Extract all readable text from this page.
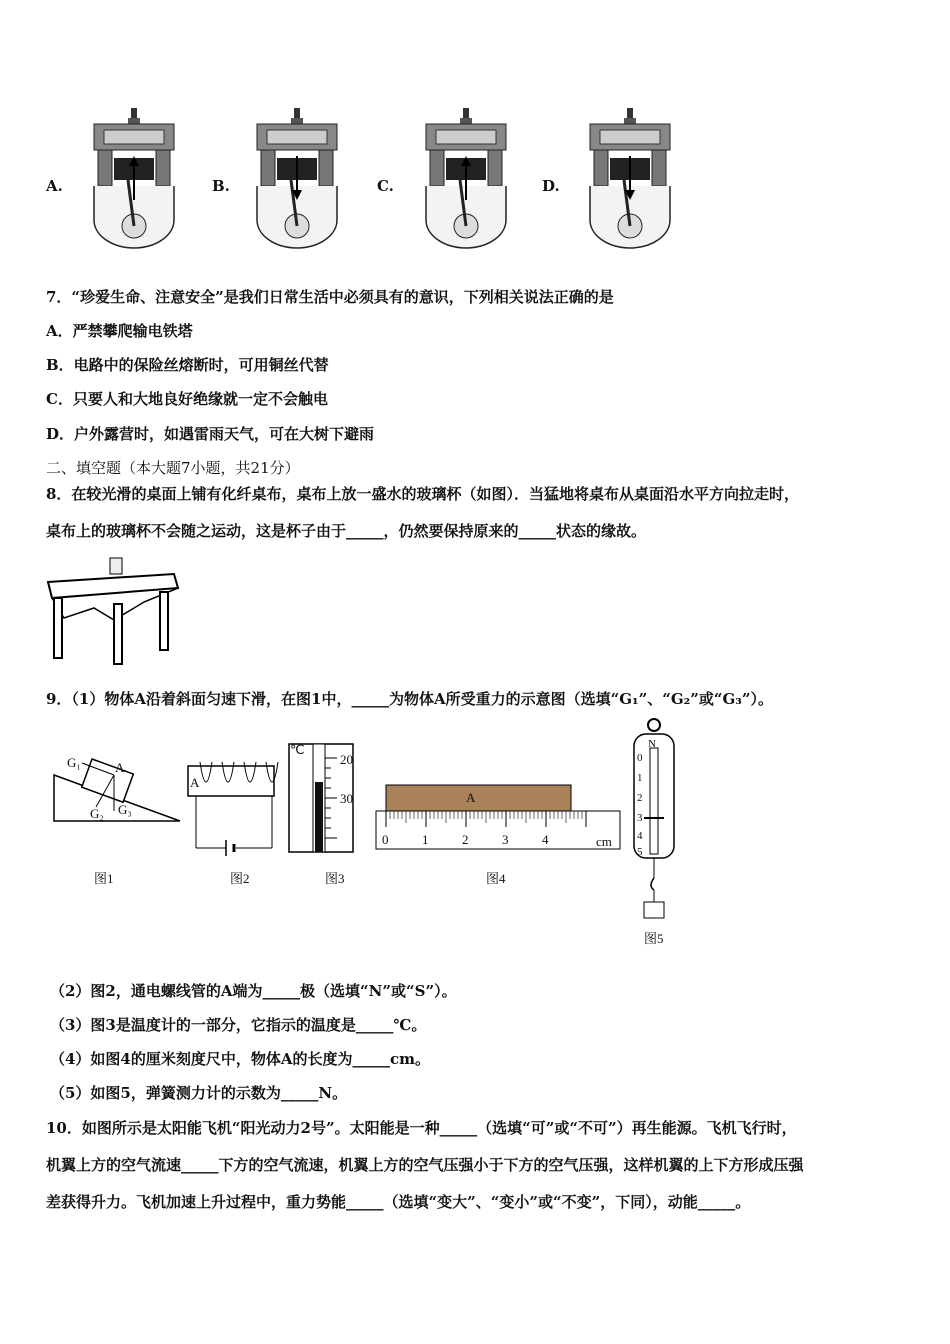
A.	B.	C.	D.
7．“珍爱生命、注意安全”是我们日常生活中必须具有的意识，下列相关说法正确的是
A．严禁攀爬输电铁塔
B．电路中的保险丝熔断时，可用铜丝代替
C．只要人和大地良好绝缘就一定不会触电
D．户外露营时，如遇雷雨天气，可在大树下避雨
二、填空题（本大题7小题，共21分）
8．在较光滑的桌面上铺有化纤桌布，桌布上放一盛水的玻璃杯（如图）．当猛地将桌布从桌面沿水平方向拉走时，
桌布上的玻璃杯不会随之运动，这是杯子由于_____，仍然要保持原来的_____状态的缘故。
9．（1）物体A沿着斜面匀速下滑，在图1中，_____为物体A所受重力的示意图（选填“G₁”、“G₂”或“G₃”）。
G₁	A
G₂ G₃
图1
A
图2
℃
20
30
图3
A
0	1	2	3	4	cm
图4
N
0
1
2
3
4
5
图5
（2）图2，通电螺线管的A端为_____极（选填“N”或“S”）。
（3）图3是温度计的一部分，它指示的温度是_____℃。
（4）如图4的厘米刻度尺中，物体A的长度为_____cm。
（5）如图5，弹簧测力计的示数为_____N。
10．如图所示是太阳能飞机“阳光动力2号”。太阳能是一种_____（选填“可”或“不可”）再生能源。飞机飞行时，
机翼上方的空气流速_____下方的空气流速，机翼上方的空气压强小于下方的空气压强，这样机翼的上下方形成压强
差获得升力。飞机加速上升过程中，重力势能_____（选填“变大”、“变小”或“不变”，下同），动能_____。
